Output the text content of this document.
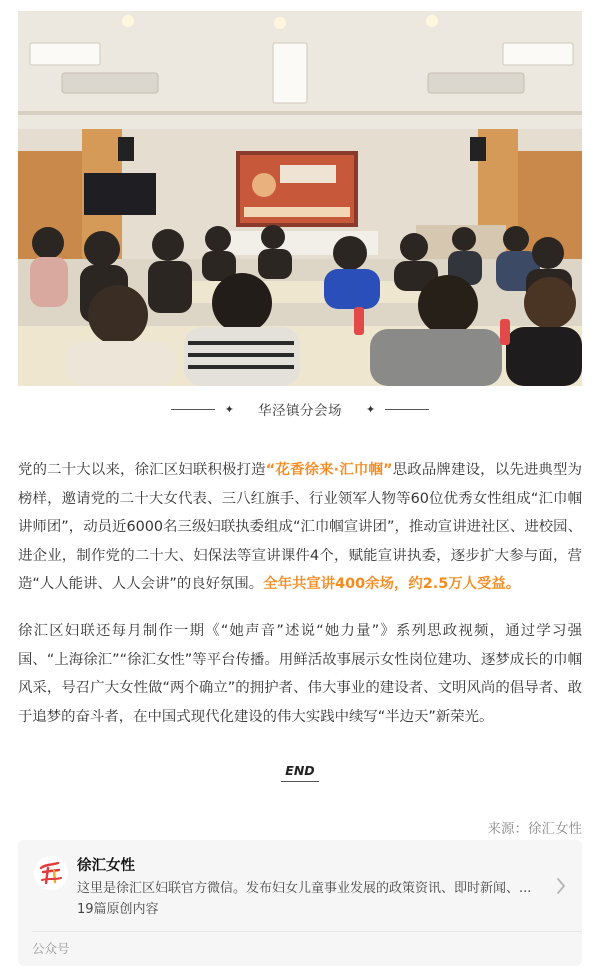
✦ 华泾镇分会场 ✦

党的二十大以来，徐汇区妇联积极打造“花香徐来·汇巾帼”思政品牌建设，以先进典型为榜样，邀请党的二十大女代表、三八红旗手、行业领军人物等60位优秀女性组成“汇巾帼讲师团”，动员近6000名三级妇联执委组成“汇巾帼宣讲团”，推动宣讲进社区、进校园、进企业，制作党的二十大、妇保法等宣讲课件4个，赋能宣讲执委，逐步扩大参与面，营造“人人能讲、人人会讲”的良好氛围。全年共宣讲400余场，约2.5万人受益。

徐汇区妇联还每月制作一期《“她声音”述说“她力量”》系列思政视频，通过学习强国、“上海徐汇”“徐汇女性”等平台传播。用鲜活故事展示女性岗位建功、逐梦成长的巾帼风采，号召广大女性做“两个确立”的拥护者、伟大事业的建设者、文明风尚的倡导者、敢于追梦的奋斗者，在中国式现代化建设的伟大实践中续写“半边天”新荣光。

END
来源：徐汇女性
徐汇女性
这里是徐汇区妇联官方微信。发布妇女儿童事业发展的政策资讯、即时新闻、...
19篇原创内容
公众号
